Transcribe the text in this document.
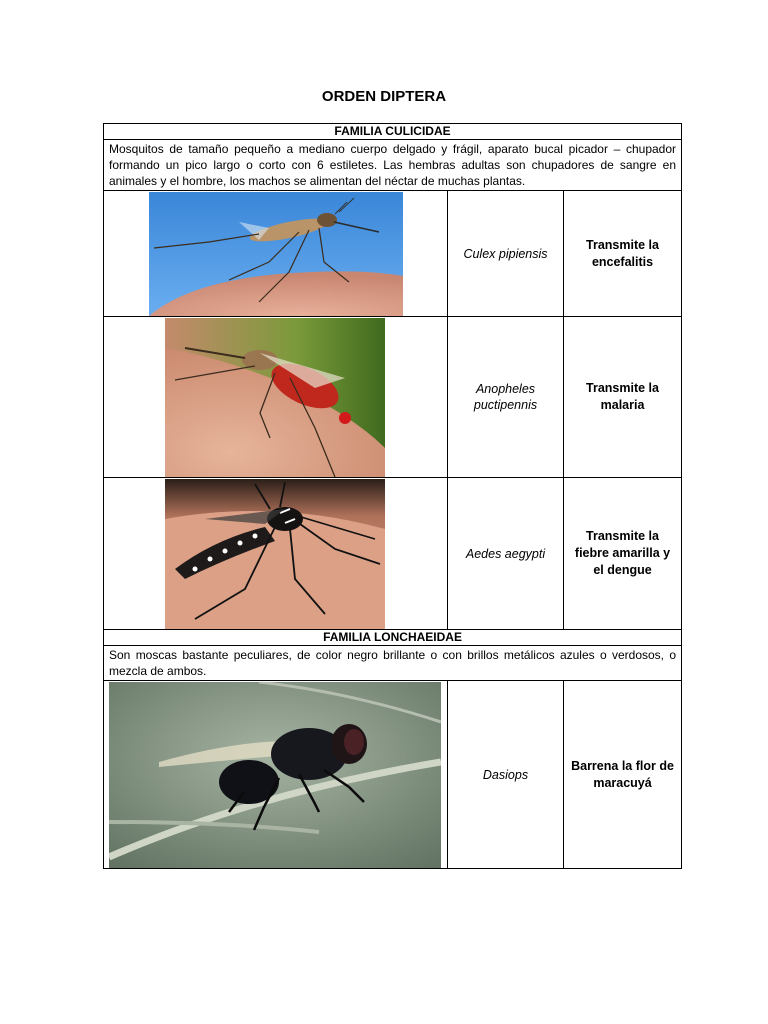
ORDEN DIPTERA
FAMILIA CULICIDAE		
Mosquitos de tamaño pequeño a mediano cuerpo delgado y frágil, aparato bucal picador – chupador formando un pico largo o corto con 6 estiletes. Las hembras adultas son chupadores de sangre en animales y el hombre, los machos se alimentan del néctar de muchas plantas.		

	Culex pipiensis	Transmite la encefalitis

	Anopheles puctipennis	Transmite la malaria

	Aedes aegypti	Transmite la fiebre amarilla y el dengue
FAMILIA LONCHAEIDAE		
Son moscas bastante peculiares, de color negro brillante o con brillos metálicos azules o verdosos, o mezcla de ambos.		

	Dasiops	Barrena la flor de maracuyá
